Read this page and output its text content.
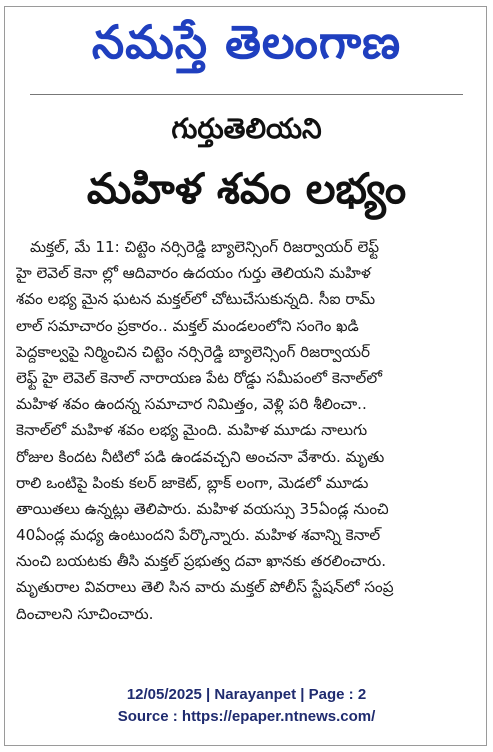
నమస్తే తెలంగాణ
గుర్తుతెలియని
మహిళ శవం లభ్యం
మక్తల్, మే 11: చిట్టెం నర్సిరెడ్డి బ్యాలెన్సింగ్ రిజర్వాయర్ లెఫ్ట్
హై లెవెల్ కెనా ల్లో ఆదివారం ఉదయం గుర్తు తెలియని మహిళ
శవం లభ్య మైన ఘటన మక్తల్‌లో చోటుచేసుకున్నది. సీఐ రామ్
లాల్ సమాచారం ప్రకారం.. మక్తల్ మండలంలోని సంగెం ఖడి
పెద్దకాల్వపై నిర్మించిన చిట్టెం నర్సిరెడ్డి బ్యాలెన్సింగ్ రిజర్వాయర్
లెఫ్ట్ హై లెవెల్ కెనాల్ నారాయణ పేట రోడ్డు సమీపంలో కెనాల్‌లో
మహిళ శవం ఉందన్న సమాచార నిమిత్తం, వెళ్లి పరి శీలించా..
కెనాల్‌లో మహిళ శవం లభ్య మైంది. మహిళ మూడు నాలుగు
రోజుల కిందట నీటిలో పడి ఉండవచ్చని అంచనా వేశారు. మృతు
రాలి ఒంటిపై పింకు కలర్ జాకెట్, బ్లాక్ లంగా, మెడలో మూడు
తాయితలు ఉన్నట్లు తెలిపారు. మహిళ వయస్సు 35ఏండ్ల నుంచి
40ఏండ్ల మధ్య ఉంటుందని పేర్కొన్నారు. మహిళ శవాన్ని కెనాల్
నుంచి బయటకు తీసి మక్తల్ ప్రభుత్వ దవా ఖానకు తరలించారు.
మృతురాల వివరాలు తెలి సిన వారు మక్తల్ పోలీస్ స్టేషన్‌లో సంప్ర
దించాలని సూచించారు.
12/05/2025 | Narayanpet | Page : 2
Source : https://epaper.ntnews.com/
